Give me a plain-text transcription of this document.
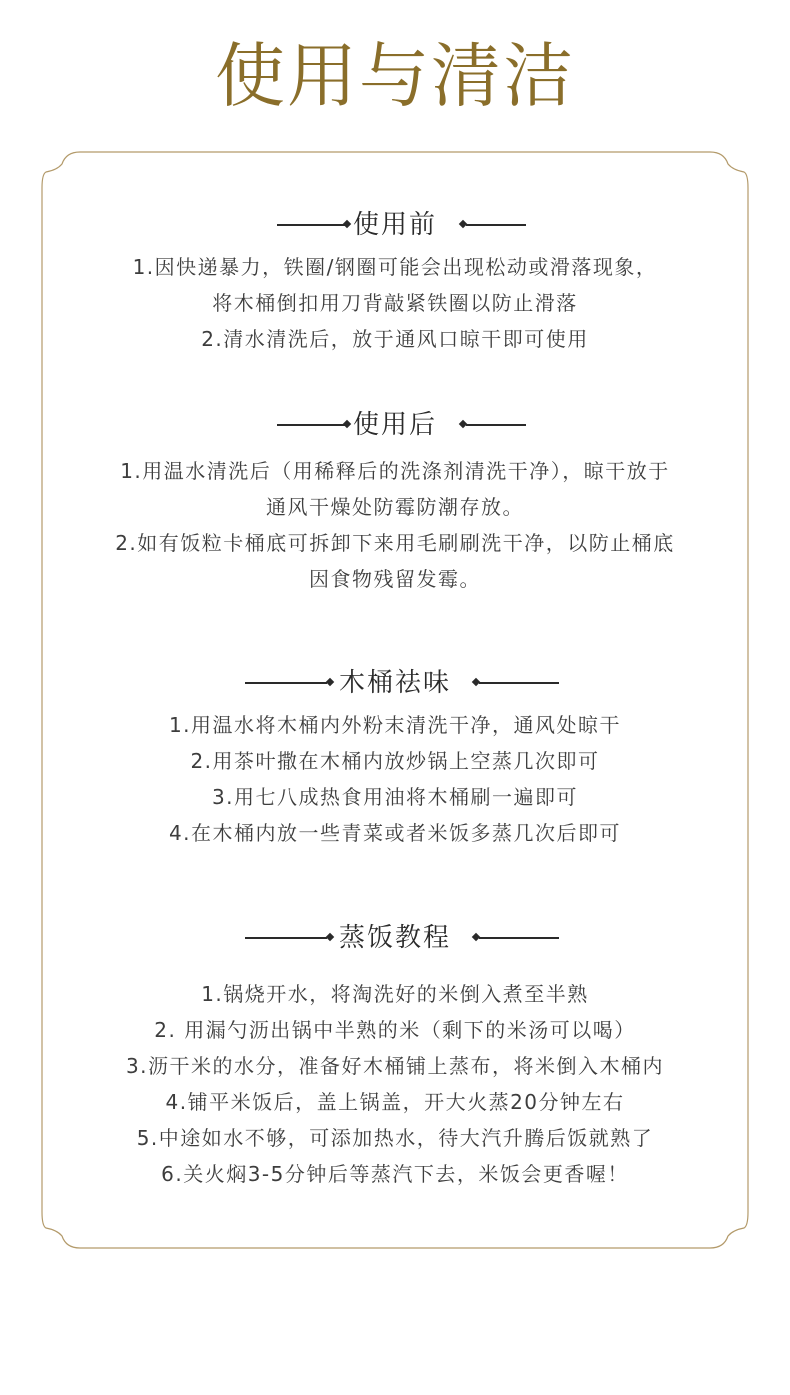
使用与清洁
使用前
1.因快递暴力，铁圈/钢圈可能会出现松动或滑落现象，
将木桶倒扣用刀背敲紧铁圈以防止滑落
2.清水清洗后，放于通风口晾干即可使用
使用后
1.用温水清洗后（用稀释后的洗涤剂清洗干净），晾干放于
通风干燥处防霉防潮存放。
2.如有饭粒卡桶底可拆卸下来用毛刷刷洗干净，以防止桶底
因食物残留发霉。
木桶祛味
1.用温水将木桶内外粉末清洗干净，通风处晾干
2.用茶叶撒在木桶内放炒锅上空蒸几次即可
3.用七八成热食用油将木桶刷一遍即可
4.在木桶内放一些青菜或者米饭多蒸几次后即可
蒸饭教程
1.锅烧开水，将淘洗好的米倒入煮至半熟
2. 用漏勺沥出锅中半熟的米（剩下的米汤可以喝）
3.沥干米的水分，准备好木桶铺上蒸布，将米倒入木桶内
4.铺平米饭后，盖上锅盖，开大火蒸20分钟左右
5.中途如水不够，可添加热水，待大汽升腾后饭就熟了
6.关火焖3-5分钟后等蒸汽下去，米饭会更香喔！
